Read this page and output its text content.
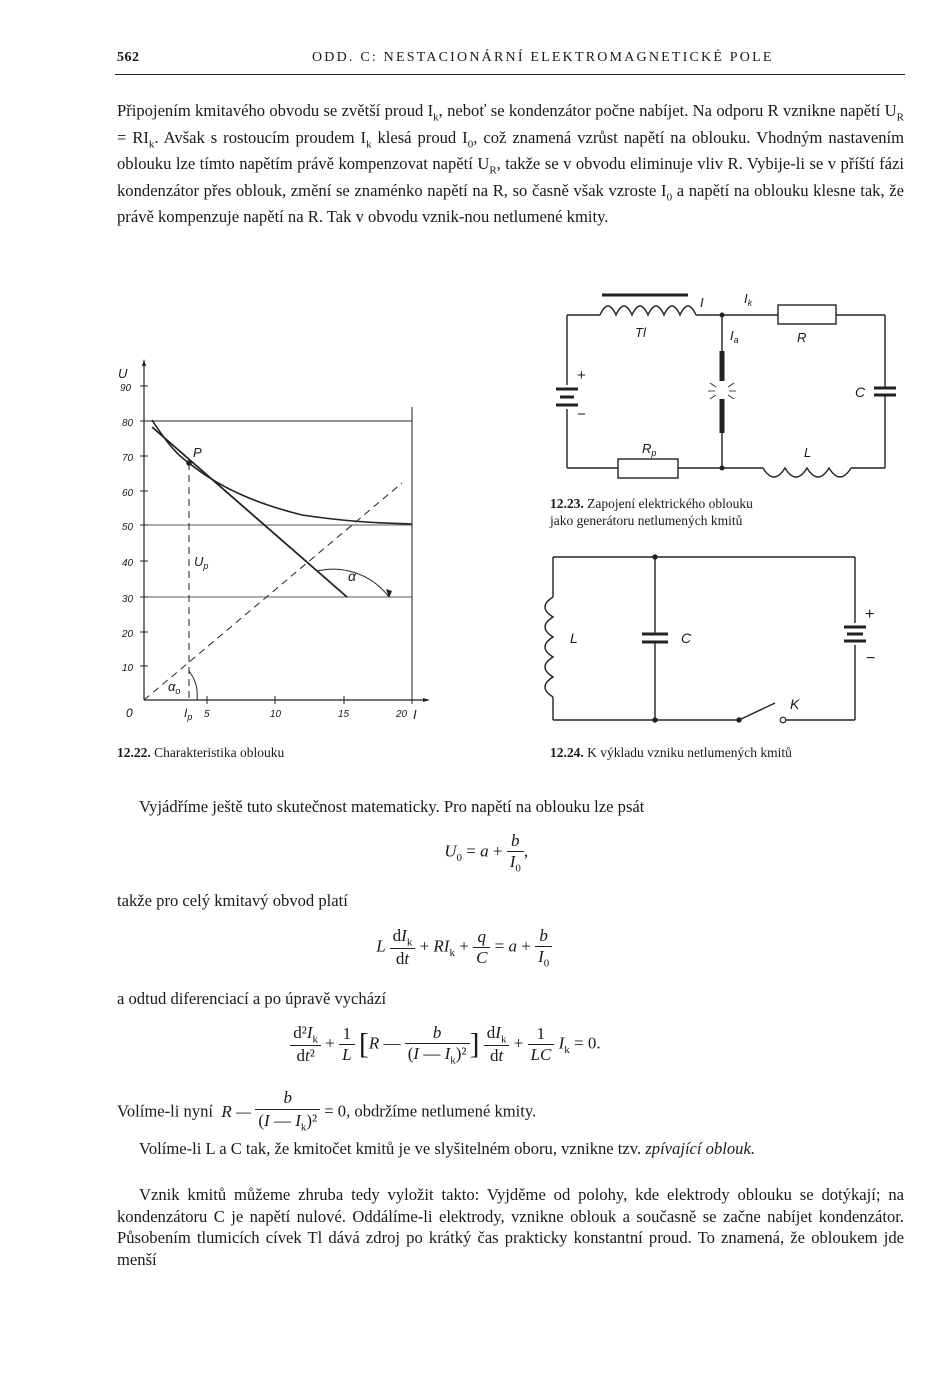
562	ODD. C: NESTACIONÁRNÍ ELEKTROMAGNETICKÉ POLE

Připojením kmitavého obvodu se zvětší proud $I_k$, neboť se kondenzátor počne nabíjet. Na odporu R vznikne napětí $U_R = RI_k$. Avšak s rostoucím proudem $I_k$ klesá proud $I_0$, což znamená vzrůst napětí na oblouku. Vhodným nastavením oblouku lze tímto napětím právě kompenzovat napětí $U_R$, takže se v obvodu eliminuje vliv R. Vybije-li se v příští fázi kondenzátor přes oblouk, změní se znaménko napětí na R, so časně však vzroste $I_0$ a napětí na oblouku klesne tak, že právě kompenzuje napětí na R. Tak v obvodu vznik-nou netlumené kmity.

U
90
80
70
60
50
40
30
20
10
0	5	10	15	20 I
P
$U_p$
$I_p$
α
$\alpha_o$
12.22. Charakteristika oblouku
I	$I_k$
Tl	$I_a$	R
C
$R_p$	L
+
−
12.23. Zapojení elektrického oblouku
jako generátoru netlumených kmitů
L	C
K
+
−
12.24. K výkladu vzniku netlumených kmitů

Vyjádříme ještě tuto skutečnost matematicky. Pro napětí na oblouku lze psát

$U_0 = a + \frac{b}{I_0}$ ,

takže pro celý kmitavý obvod platí

L $\frac{dI_k}{dt} + RI_k + \frac{q}{C} = a + \frac{b}{I_0}$

a odtud diferenciací a po úpravě vychází

$\frac{d^2I_k}{\text{dt²}} + \frac{1}{L} [R$ — $\frac{b}{(I — I_k)^2}$ ] $\frac{dI_k}{dt} + \frac{1}{LC} I_k = 0$.
Volíme-li nyní R — $\frac{b}{(I — I_k)^2} = 0$, obdržíme netlumené kmity.

Volíme-li L a C tak, že kmitočet kmitů je ve slyšitelném oboru, vznikne tzv. zpívající oblouk.

Vznik kmitů můžeme zhruba tedy vyložit takto: Vyjděme od polohy, kde elektrody oblouku se dotýkají; na kondenzátoru C je napětí nulové. Oddálíme-li elektrody, vznikne oblouk a současně se začne nabíjet kondenzátor. Působením tlumicích cívek Tl dává zdroj po krátký čas prakticky konstantní proud. To znamená, že obloukem jde menší
